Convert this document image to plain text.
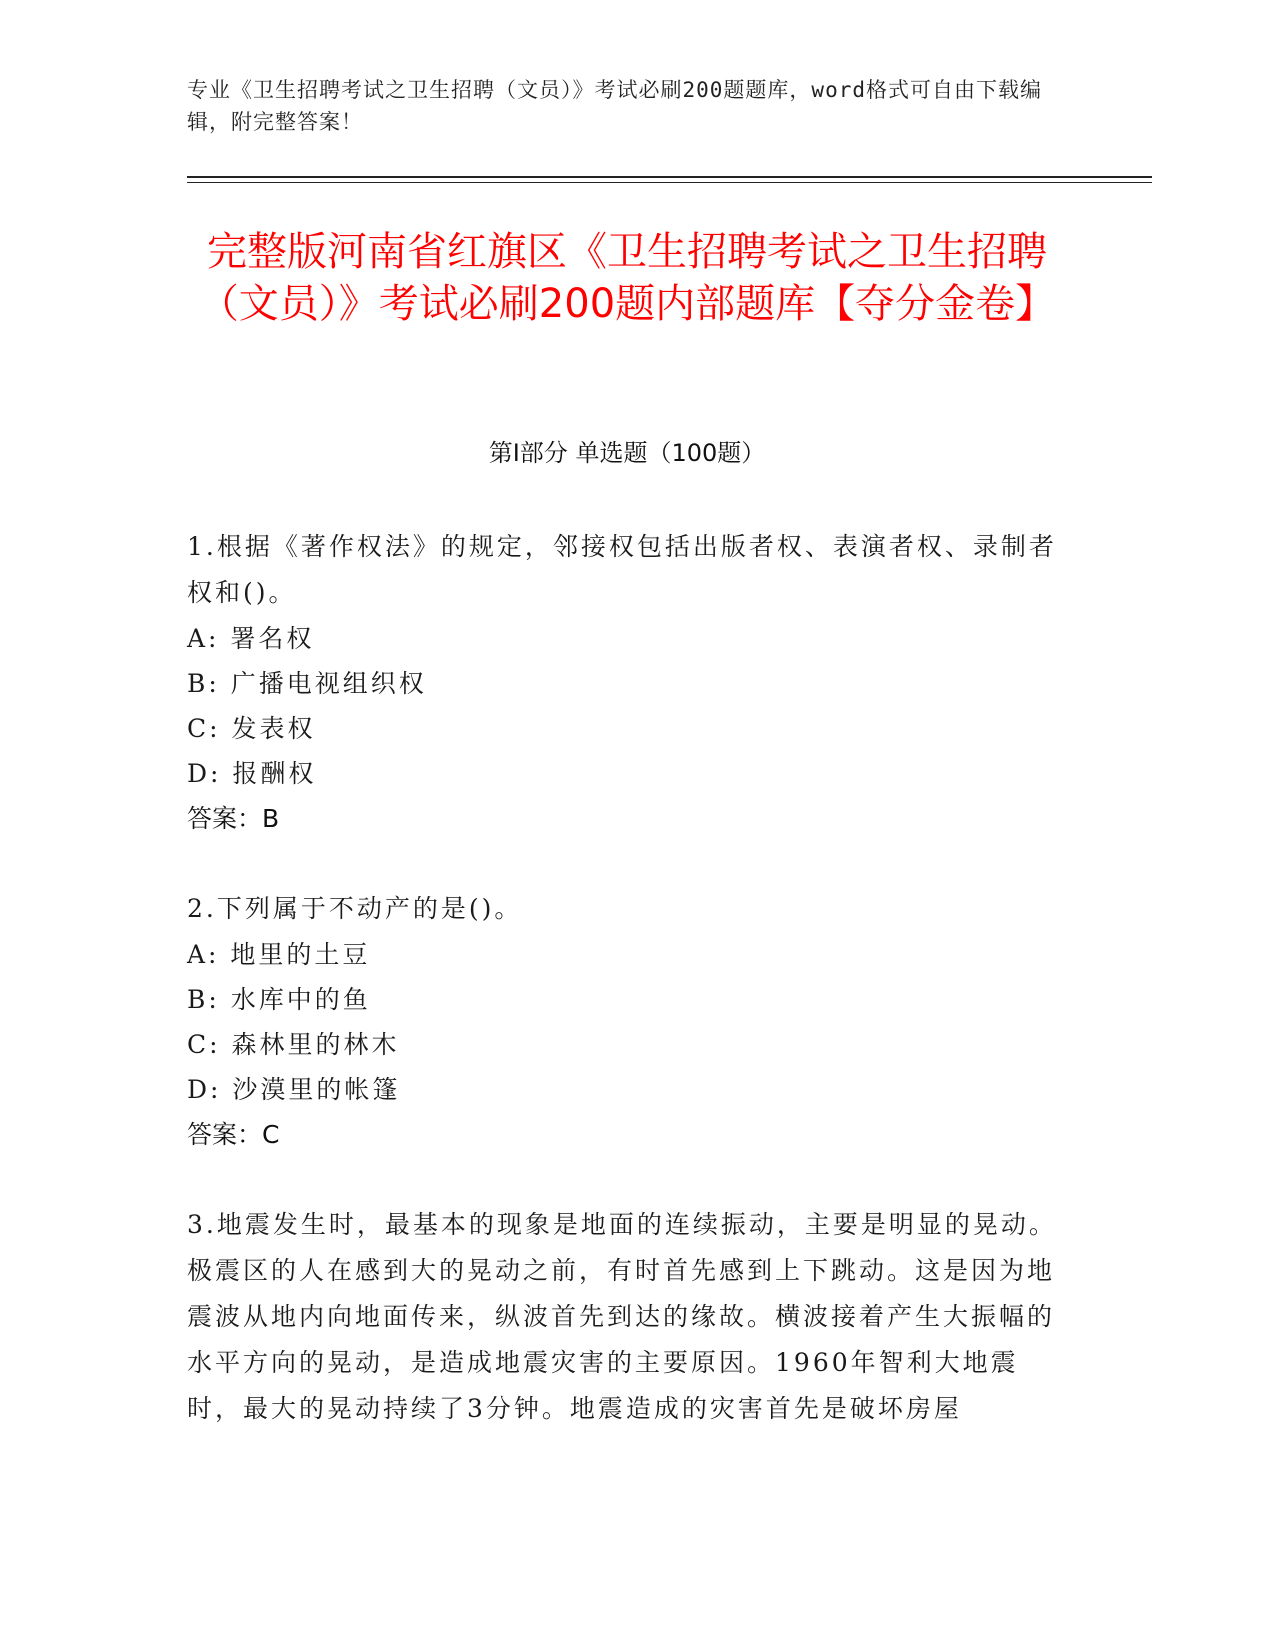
专业《卫生招聘考试之卫生招聘（文员）》考试必刷200题题库，word格式可自由下载编辑，附完整答案！

完整版河南省红旗区《卫生招聘考试之卫生招聘（文员）》考试必刷200题内部题库【夺分金卷】
第Ⅰ部分 单选题（100题）

1.根据《著作权法》的规定，邻接权包括出版者权、表演者权、录制者权和()。

A: 署名权

B: 广播电视组织权

C: 发表权

D: 报酬权

答案：B

2.下列属于不动产的是()。

A: 地里的土豆

B: 水库中的鱼

C: 森林里的林木

D: 沙漠里的帐篷

答案：C

3.地震发生时，最基本的现象是地面的连续振动，主要是明显的晃动。极震区的人在感到大的晃动之前，有时首先感到上下跳动。这是因为地震波从地内向地面传来，纵波首先到达的缘故。横波接着产生大振幅的水平方向的晃动，是造成地震灾害的主要原因。1960年智利大地震时，最大的晃动持续了3分钟。地震造成的灾害首先是破坏房屋
